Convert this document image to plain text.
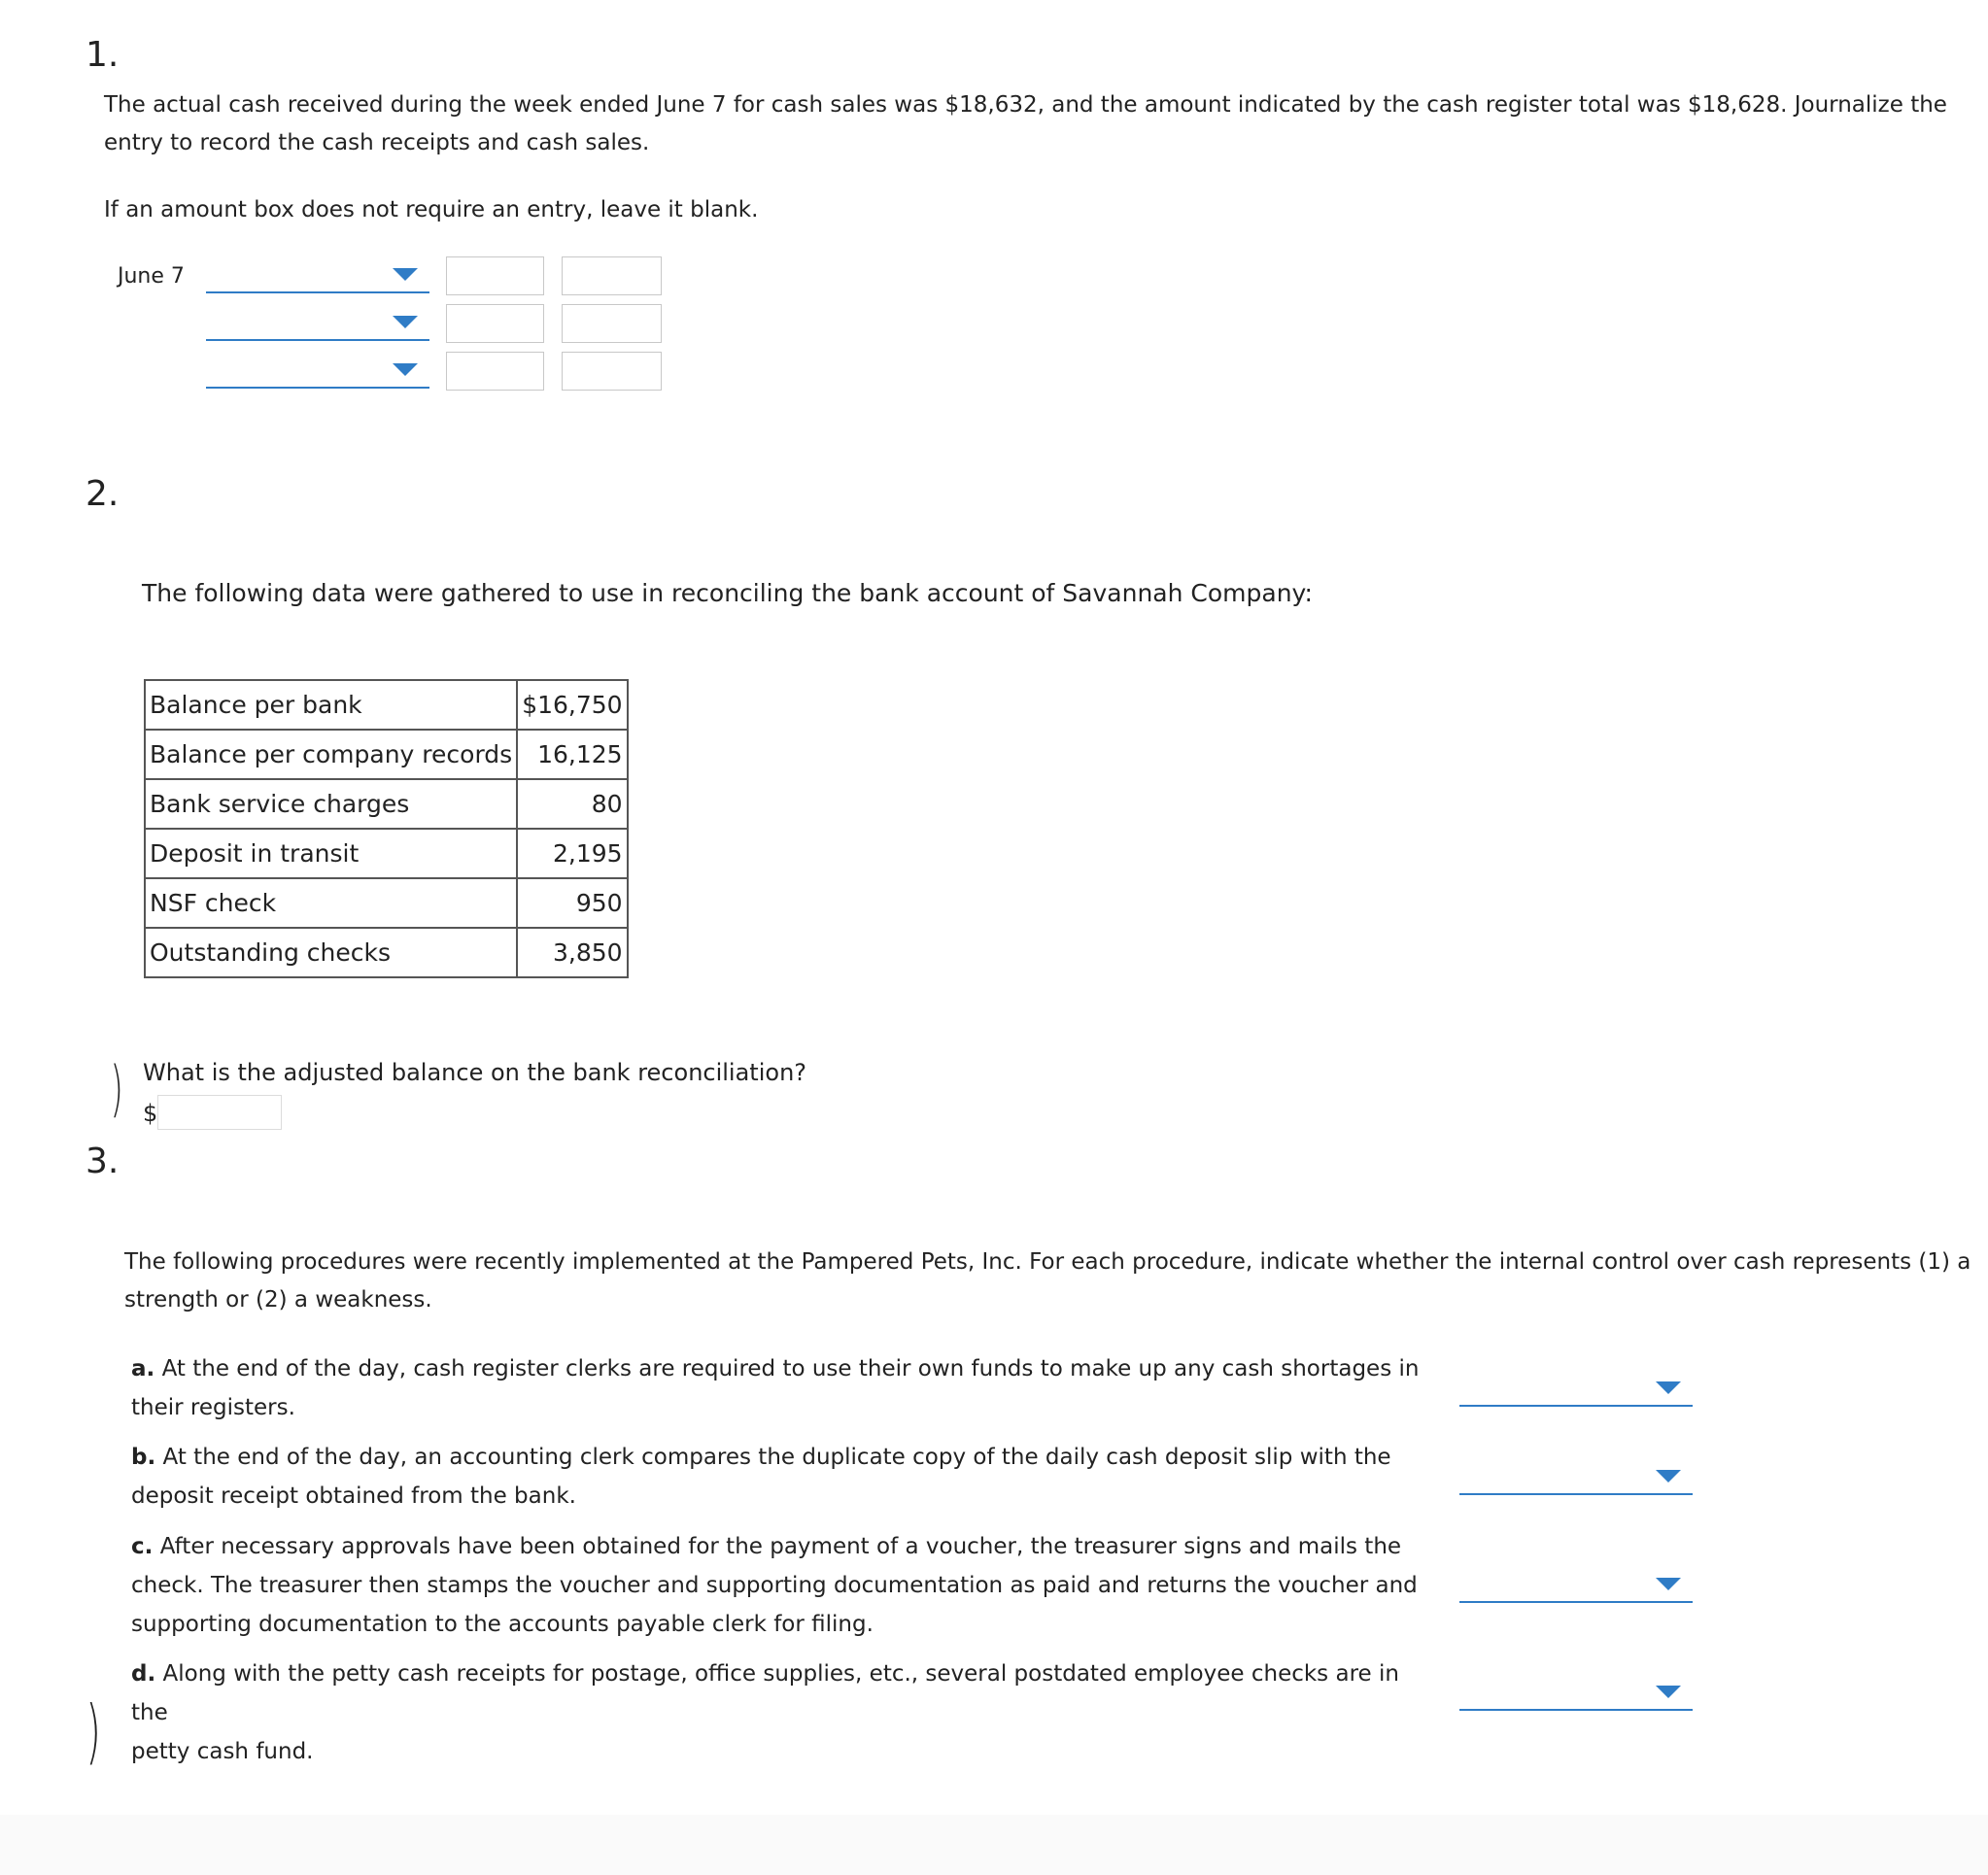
1.
The actual cash received during the week ended June 7 for cash sales was $18,632, and the amount indicated by the cash register total was $18,628. Journalize the
entry to record the cash receipts and cash sales.
If an amount box does not require an entry, leave it blank.
June 7
2.
The following data were gathered to use in reconciling the bank account of Savannah Company:
Balance per bank	$16,750
Balance per company records	16,125
Bank service charges	80
Deposit in transit	2,195
NSF check	950
Outstanding checks	3,850
) What is the adjusted balance on the bank reconciliation?
$
3.
The following procedures were recently implemented at the Pampered Pets, Inc. For each procedure, indicate whether the internal control over cash represents (1) a
strength or (2) a weakness.
a. At the end of the day, cash register clerks are required to use their own funds to make up any cash shortages in
their registers.
b. At the end of the day, an accounting clerk compares the duplicate copy of the daily cash deposit slip with the
deposit receipt obtained from the bank.
c. After necessary approvals have been obtained for the payment of a voucher, the treasurer signs and mails the
check. The treasurer then stamps the voucher and supporting documentation as paid and returns the voucher and
supporting documentation to the accounts payable clerk for filing.
d. Along with the petty cash receipts for postage, office supplies, etc., several postdated employee checks are in the
petty cash fund.
)
